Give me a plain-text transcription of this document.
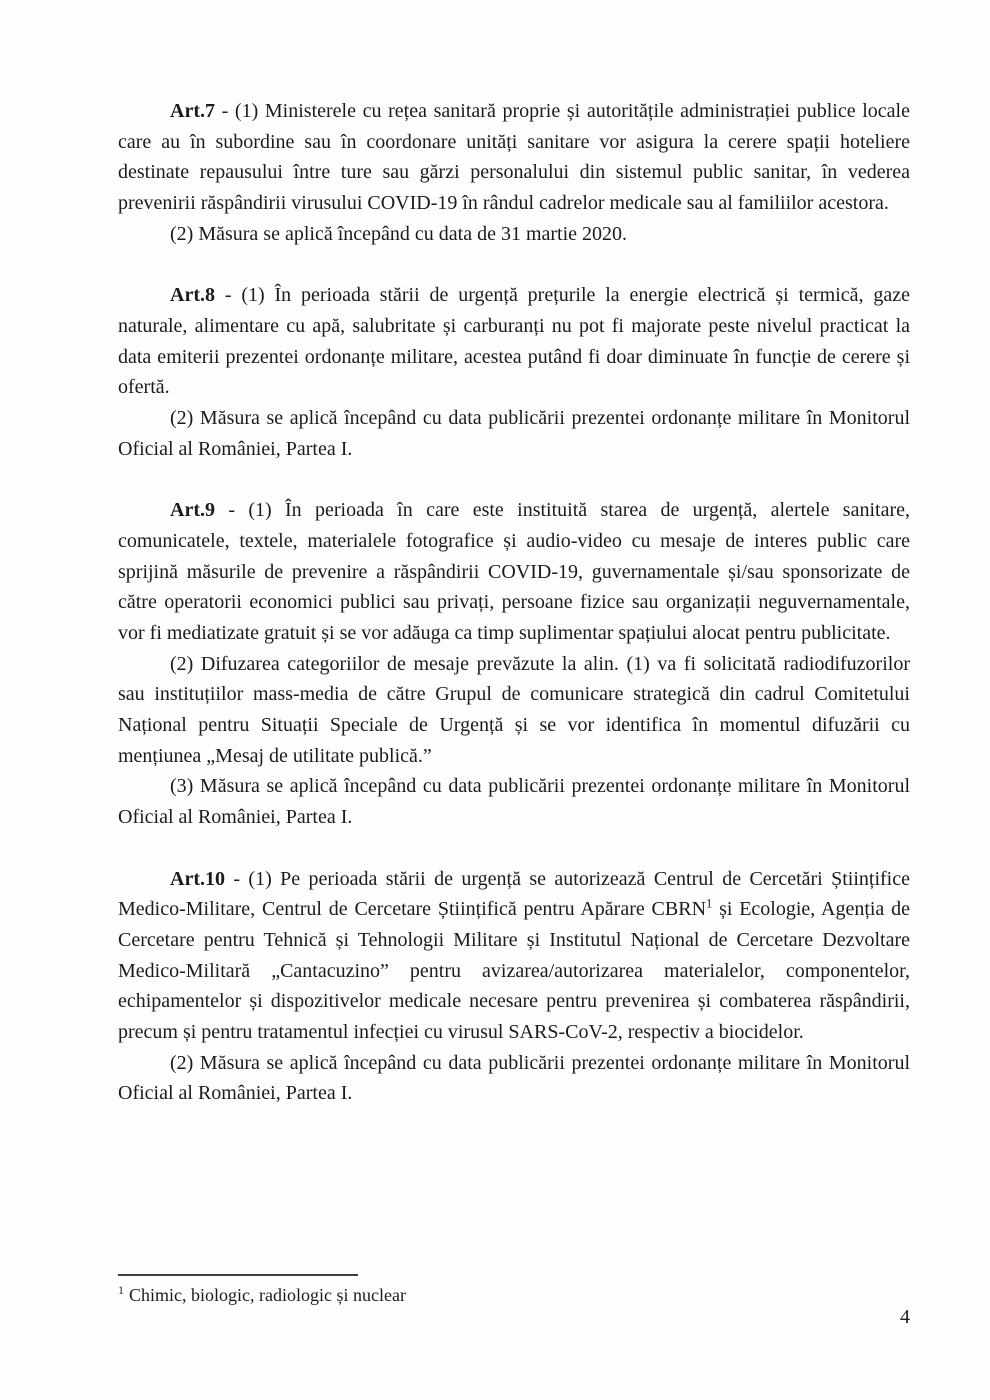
Art.7 - (1) Ministerele cu rețea sanitară proprie și autoritățile administrației publice locale care au în subordine sau în coordonare unități sanitare vor asigura la cerere spații hoteliere destinate repausului între ture sau gărzi personalului din sistemul public sanitar, în vederea prevenirii răspândirii virusului COVID-19 în rândul cadrelor medicale sau al familiilor acestora.

(2) Măsura se aplică începând cu data de 31 martie 2020.

Art.8 - (1) În perioada stării de urgență prețurile la energie electrică și termică, gaze naturale, alimentare cu apă, salubritate și carburanți nu pot fi majorate peste nivelul practicat la data emiterii prezentei ordonanțe militare, acestea putând fi doar diminuate în funcție de cerere și ofertă.

(2) Măsura se aplică începând cu data publicării prezentei ordonanțe militare în Monitorul Oficial al României, Partea I.

Art.9 - (1) În perioada în care este instituită starea de urgență, alertele sanitare, comunicatele, textele, materialele fotografice și audio-video cu mesaje de interes public care sprijină măsurile de prevenire a răspândirii COVID-19, guvernamentale și/sau sponsorizate de către operatorii economici publici sau privați, persoane fizice sau organizații neguvernamentale, vor fi mediatizate gratuit și se vor adăuga ca timp suplimentar spațiului alocat pentru publicitate.

(2) Difuzarea categoriilor de mesaje prevăzute la alin. (1) va fi solicitată radiodifuzorilor sau instituțiilor mass-media de către Grupul de comunicare strategică din cadrul Comitetului Național pentru Situații Speciale de Urgență și se vor identifica în momentul difuzării cu mențiunea „Mesaj de utilitate publică.”

(3) Măsura se aplică începând cu data publicării prezentei ordonanțe militare în Monitorul Oficial al României, Partea I.

Art.10 - (1) Pe perioada stării de urgență se autorizează Centrul de Cercetări Științifice Medico-Militare, Centrul de Cercetare Științifică pentru Apărare CBRN$^1$ și Ecologie, Agenția de Cercetare pentru Tehnică și Tehnologii Militare și Institutul Național de Cercetare Dezvoltare Medico-Militară „Cantacuzino” pentru avizarea/autorizarea materialelor, componentelor, echipamentelor și dispozitivelor medicale necesare pentru prevenirea și combaterea răspândirii, precum și pentru tratamentul infecției cu virusul SARS-CoV-2, respectiv a biocidelor.

(2) Măsura se aplică începând cu data publicării prezentei ordonanțe militare în Monitorul Oficial al României, Partea I.

$^1$ Chimic, biologic, radiologic și nuclear
4
